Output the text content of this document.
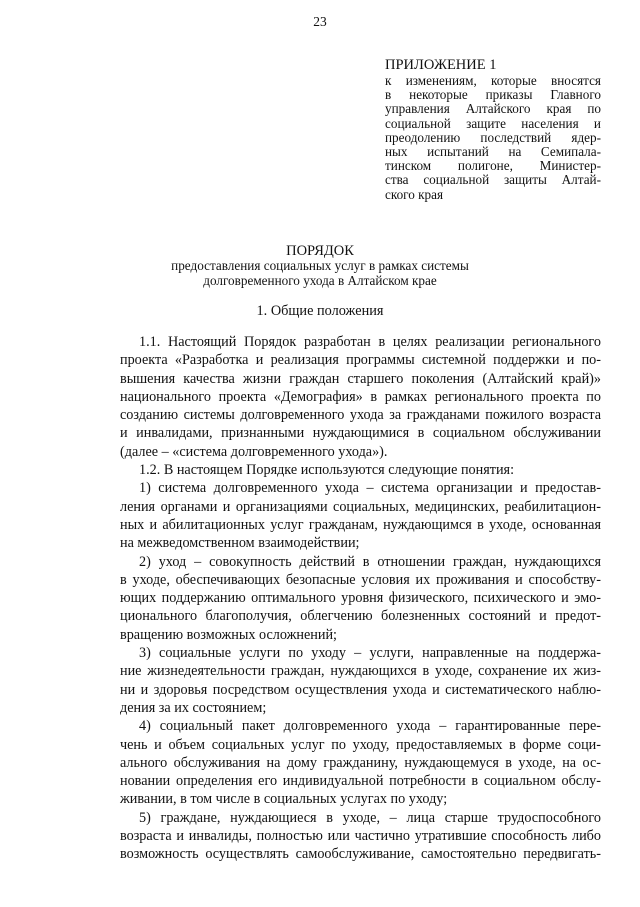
23
ПРИЛОЖЕНИЕ 1
к изменениям, которые вносятся
в некоторые приказы Главного
управления Алтайского края по
социальной защите населения и
преодолению последствий ядер-
ных испытаний на Семипала-
тинском полигоне, Министер-
ства социальной защиты Алтай-
ского края
ПОРЯДОК
предоставления социальных услуг в рамках системы
долговременного ухода в Алтайском крае
1. Общие положения
1.1. Настоящий Порядок разработан в целях реализации регионального
проекта «Разработка и реализация программы системной поддержки и по-
вышения качества жизни граждан старшего поколения (Алтайский край)»
национального проекта «Демография» в рамках регионального проекта по
созданию системы долговременного ухода за гражданами пожилого возраста
и инвалидами, признанными нуждающимися в социальном обслуживании
(далее – «система долговременного ухода»).
1.2. В настоящем Порядке используются следующие понятия:
1) система долговременного ухода – система организации и предостав-
ления органами и организациями социальных, медицинских, реабилитацион-
ных и абилитационных услуг гражданам, нуждающимся в уходе, основанная
на межведомственном взаимодействии;
2) уход – совокупность действий в отношении граждан, нуждающихся
в уходе, обеспечивающих безопасные условия их проживания и способству-
ющих поддержанию оптимального уровня физического, психического и эмо-
ционального благополучия, облегчению болезненных состояний и предот-
вращению возможных осложнений;
3) социальные услуги по уходу – услуги, направленные на поддержа-
ние жизнедеятельности граждан, нуждающихся в уходе, сохранение их жиз-
ни и здоровья посредством осуществления ухода и систематического наблю-
дения за их состоянием;
4) социальный пакет долговременного ухода – гарантированные пере-
чень и объем социальных услуг по уходу, предоставляемых в форме соци-
ального обслуживания на дому гражданину, нуждающемуся в уходе, на ос-
новании определения его индивидуальной потребности в социальном обслу-
живании, в том числе в социальных услугах по уходу;
5) граждане, нуждающиеся в уходе, – лица старше трудоспособного
возраста и инвалиды, полностью или частично утратившие способность либо
возможность осуществлять самообслуживание, самостоятельно передвигать-
